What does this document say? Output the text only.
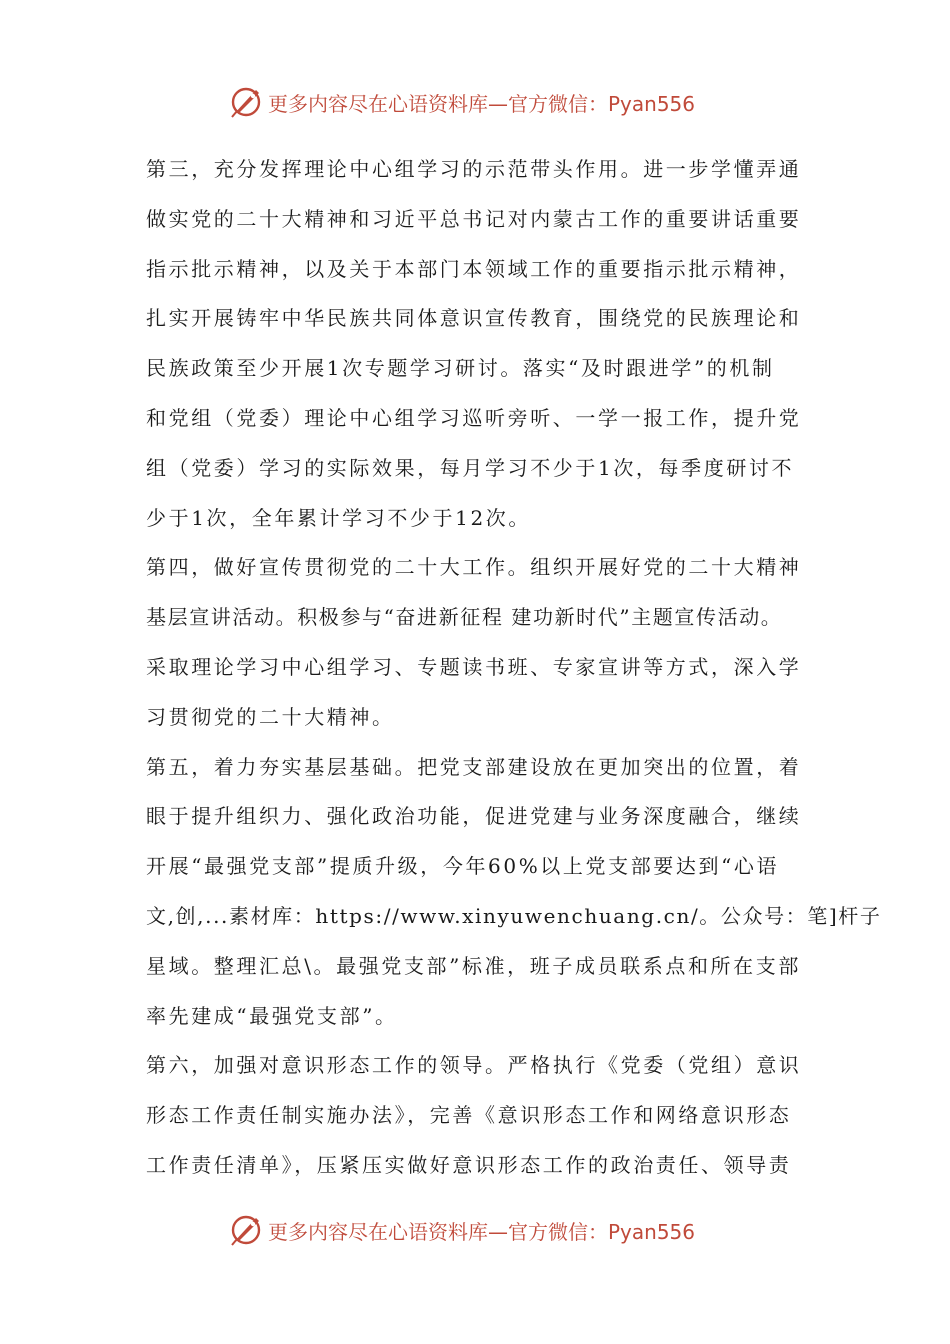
更多内容尽在心语资料库 —官方微信：Pyan556
第三，充分发挥理论中心组学习的示范带头作用。进一步学懂弄通
做实党的二十大精神和习近平总书记对内蒙古工作的重要讲话重要
指示批示精神，以及关于本部门本领域工作的重要指示批示精神，
扎实开展铸牢中华民族共同体意识宣传教育，围绕党的民族理论和
民族政策至少开展1次专题学习研讨。落实“及时跟进学”的机制
和党组（党委）理论中心组学习巡听旁听、一学一报工作，提升党
组（党委）学习的实际效果，每月学习不少于1次，每季度研讨不
少于1次，全年累计学习不少于12次。
第四，做好宣传贯彻党的二十大工作。组织开展好党的二十大精神
基层宣讲活动。积极参与“奋进新征程 建功新时代”主题宣传活动。
采取理论学习中心组学习、专题读书班、专家宣讲等方式，深入学
习贯彻党的二十大精神。
第五，着力夯实基层基础。把党支部建设放在更加突出的位置，着
眼于提升组织力、强化政治功能，促进党建与业务深度融合，继续
开展“最强党支部”提质升级，今年60%以上党支部要达到“心语
文,创,...素材库：https://www.xinyuwenchuang.cn/。公众号：笔]杆子
星域。整理汇总\。最强党支部”标准，班子成员联系点和所在支部
率先建成“最强党支部”。
第六，加强对意识形态工作的领导。严格执行《党委（党组）意识
形态工作责任制实施办法》，完善《意识形态工作和网络意识形态
工作责任清单》，压紧压实做好意识形态工作的政治责任、领导责
更多内容尽在心语资料库 —官方微信：Pyan556
